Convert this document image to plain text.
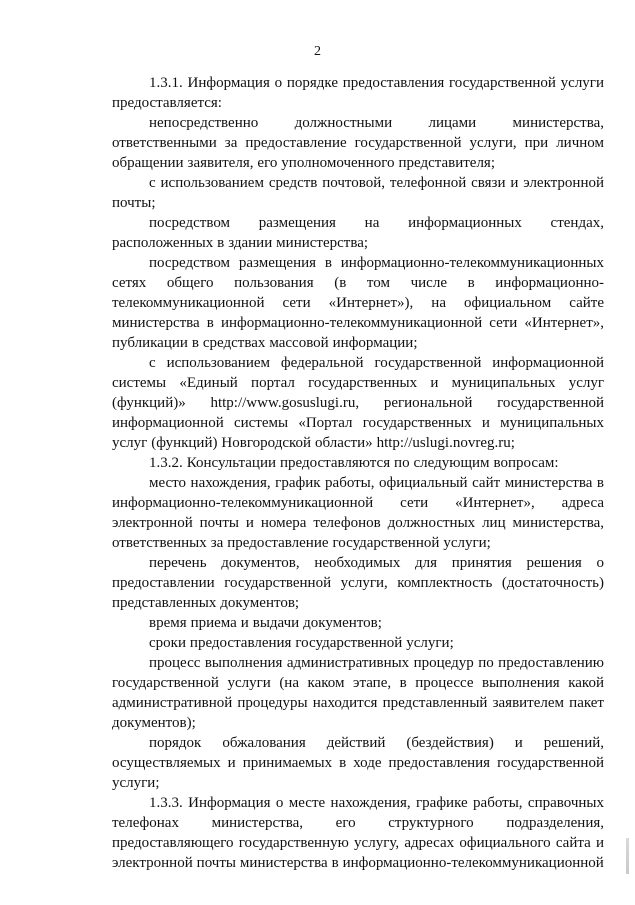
2

1.3.1. Информация о порядке предоставления государственной услуги предоставляется:

непосредственно должностными лицами министерства, ответственными за предоставление государственной услуги, при личном обращении заявителя, его уполномоченного представителя;

с использованием средств почтовой, телефонной связи и электронной почты;

посредством размещения на информационных стендах, расположенных в здании министерства;

посредством размещения в информационно-телекоммуникационных сетях общего пользования (в том числе в информационно-телекоммуникационной сети «Интернет»), на официальном сайте министерства в информационно-телекоммуникационной сети «Интернет», публикации в средствах массовой информации;

с использованием федеральной государственной информационной системы «Единый портал государственных и муниципальных услуг (функций)» http://www.gosuslugi.ru, региональной государственной информационной системы «Портал государственных и муниципальных услуг (функций) Новгородской области» http://uslugi.novreg.ru;

1.3.2. Консультации предоставляются по следующим вопросам:

место нахождения, график работы, официальный сайт министерства в информационно-телекоммуникационной сети «Интернет», адреса электронной почты и номера телефонов должностных лиц министерства, ответственных за предоставление государственной услуги;

перечень документов, необходимых для принятия решения о предоставлении государственной услуги, комплектность (достаточность) представленных документов;

время приема и выдачи документов;

сроки предоставления государственной услуги;

процесс выполнения административных процедур по предоставлению государственной услуги (на каком этапе, в процессе выполнения какой административной процедуры находится представленный заявителем пакет документов);

порядок обжалования действий (бездействия) и решений, осуществляемых и принимаемых в ходе предоставления государственной услуги;

1.3.3. Информация о месте нахождения, графике работы, справочных телефонах министерства, его структурного подразделения, предоставляющего государственную услугу, адресах официального сайта и электронной почты министерства в информационно-телекоммуникационной
